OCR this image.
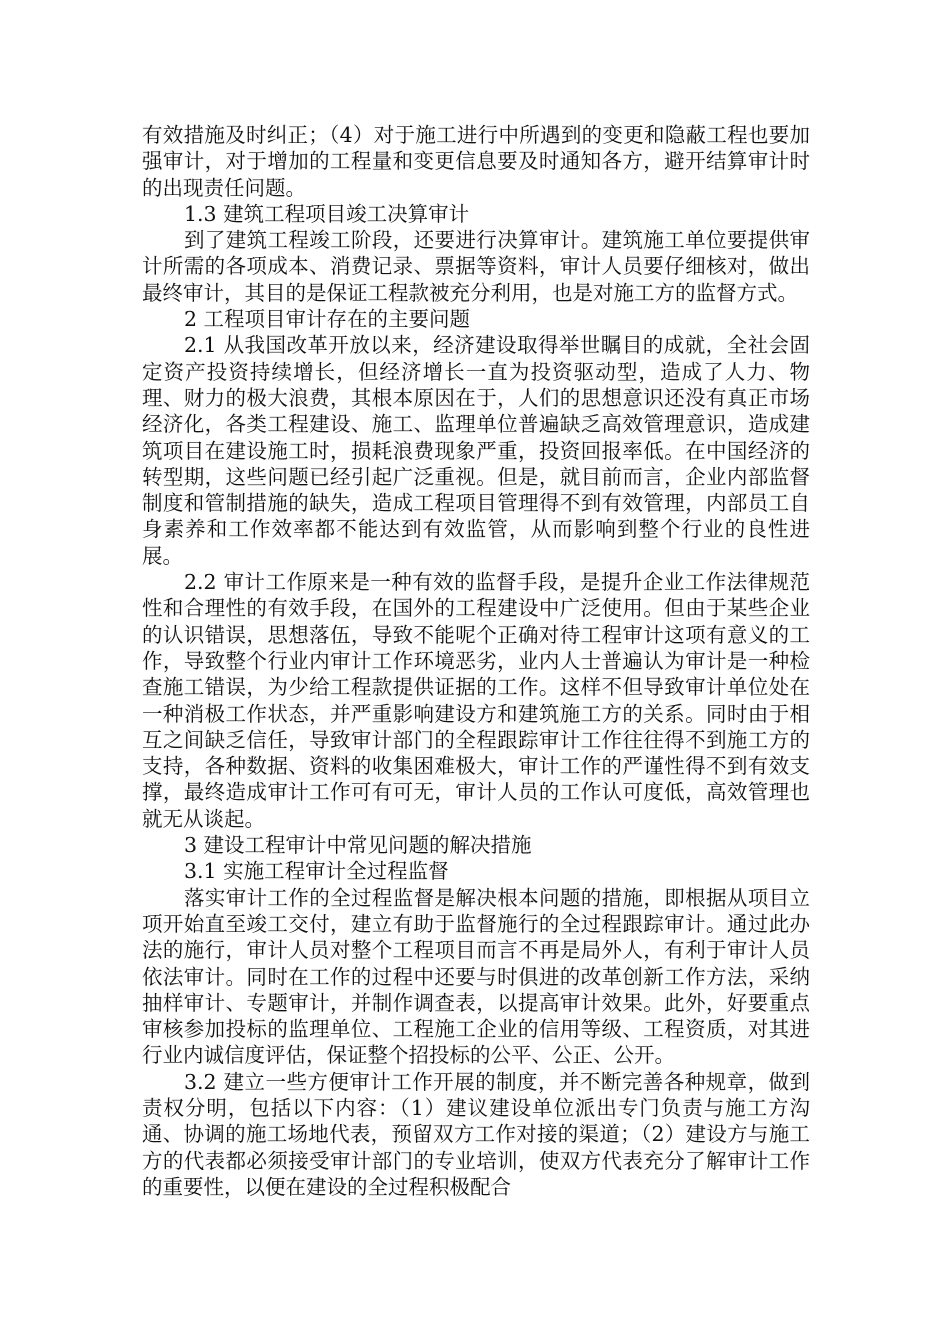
有效措施及时纠正；（4）对于施工进行中所遇到的变更和隐蔽工程也要加强审计，对于增加的工程量和变更信息要及时通知各方，避开结算审计时的出现责任问题。

1.3 建筑工程项目竣工决算审计

到了建筑工程竣工阶段，还要进行决算审计。建筑施工单位要提供审计所需的各项成本、消费记录、票据等资料，审计人员要仔细核对，做出最终审计，其目的是保证工程款被充分利用，也是对施工方的监督方式。

2 工程项目审计存在的主要问题

2.1 从我国改革开放以来，经济建设取得举世瞩目的成就，全社会固定资产投资持续增长，但经济增长一直为投资驱动型，造成了人力、物理、财力的极大浪费，其根本原因在于，人们的思想意识还没有真正市场经济化，各类工程建设、施工、监理单位普遍缺乏高效管理意识，造成建筑项目在建设施工时，损耗浪费现象严重，投资回报率低。在中国经济的转型期，这些问题已经引起广泛重视。但是，就目前而言，企业内部监督制度和管制措施的缺失，造成工程项目管理得不到有效管理，内部员工自身素养和工作效率都不能达到有效监管，从而影响到整个行业的良性进展。

2.2 审计工作原来是一种有效的监督手段，是提升企业工作法律规范性和合理性的有效手段，在国外的工程建设中广泛使用。但由于某些企业的认识错误，思想落伍，导致不能呢个正确对待工程审计这项有意义的工作，导致整个行业内审计工作环境恶劣，业内人士普遍认为审计是一种检查施工错误，为少给工程款提供证据的工作。这样不但导致审计单位处在一种消极工作状态，并严重影响建设方和建筑施工方的关系。同时由于相互之间缺乏信任，导致审计部门的全程跟踪审计工作往往得不到施工方的支持，各种数据、资料的收集困难极大，审计工作的严谨性得不到有效支撑，最终造成审计工作可有可无，审计人员的工作认可度低，高效管理也就无从谈起。

3 建设工程审计中常见问题的解决措施

3.1 实施工程审计全过程监督

落实审计工作的全过程监督是解决根本问题的措施，即根据从项目立项开始直至竣工交付，建立有助于监督施行的全过程跟踪审计。通过此办法的施行，审计人员对整个工程项目而言不再是局外人，有利于审计人员依法审计。同时在工作的过程中还要与时俱进的改革创新工作方法，采纳抽样审计、专题审计，并制作调查表，以提高审计效果。此外，好要重点审核参加投标的监理单位、工程施工企业的信用等级、工程资质，对其进行业内诚信度评估，保证整个招投标的公平、公正、公开。

3.2 建立一些方便审计工作开展的制度，并不断完善各种规章，做到责权分明，包括以下内容：（1）建议建设单位派出专门负责与施工方沟通、协调的施工场地代表，预留双方工作对接的渠道；（2）建设方与施工方的代表都必须接受审计部门的专业培训，使双方代表充分了解审计工作的重要性，以便在建设的全过程积极配合
